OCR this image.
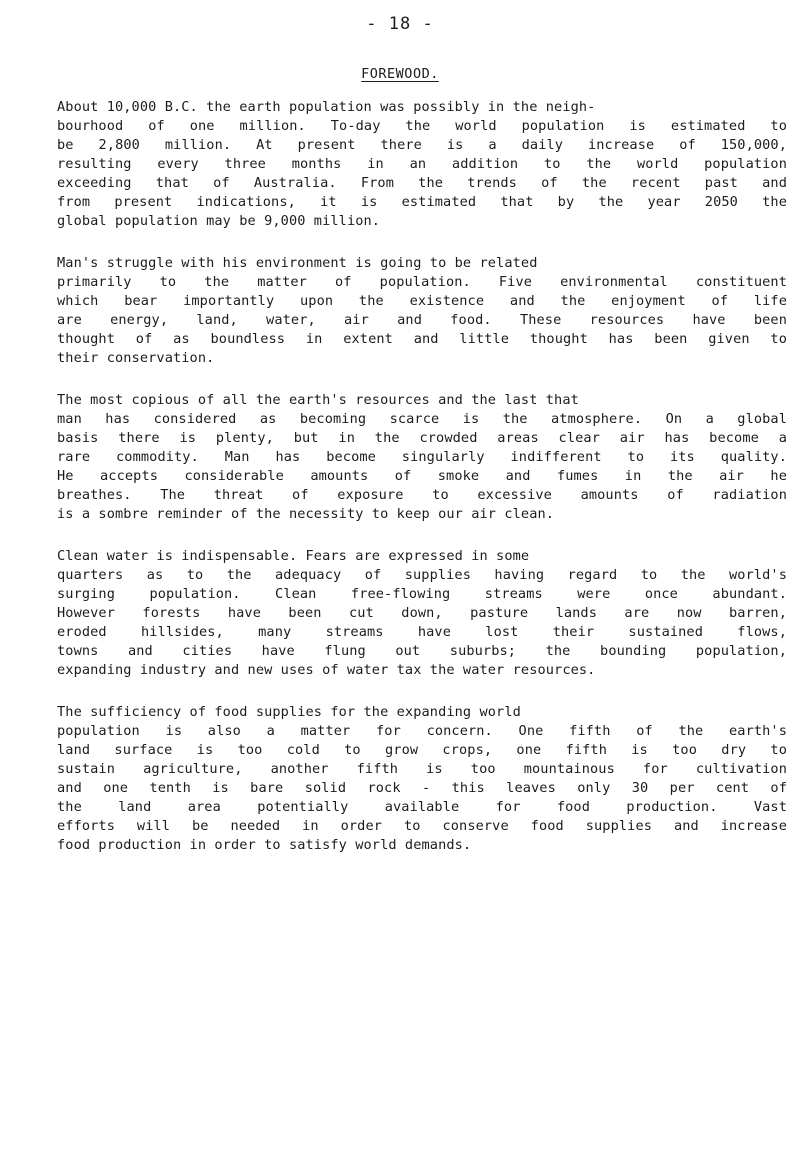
- 18 -
FOREWOOD.
About 10,000 B.C. the earth population was possibly in the neigh-
bourhood of one million. To-day the world population is estimated to
be 2,800 million. At present there is a daily increase of 150,000,
resulting every three months in an addition to the world population
exceeding that of Australia. From the trends of the recent past and
from present indications, it is estimated that by the year 2050 the
global population may be 9,000 million.
Man's struggle with his environment is going to be related
primarily to the matter of population. Five environmental constituent
which bear importantly upon the existence and the enjoyment of life
are energy, land, water, air and food. These resources have been
thought of as boundless in extent and little thought has been given to
their conservation.
The most copious of all the earth's resources and the last that
man has considered as becoming scarce is the atmosphere. On a global
basis there is plenty, but in the crowded areas clear air has become a
rare commodity. Man has become singularly indifferent to its quality.
He accepts considerable amounts of smoke and fumes in the air he
breathes. The threat of exposure to excessive amounts of radiation
is a sombre reminder of the necessity to keep our air clean.
Clean water is indispensable. Fears are expressed in some
quarters as to the adequacy of supplies having regard to the world's
surging population. Clean free-flowing streams were once abundant.
However forests have been cut down, pasture lands are now barren,
eroded hillsides, many streams have lost their sustained flows,
towns and cities have flung out suburbs; the bounding population,
expanding industry and new uses of water tax the water resources.
The sufficiency of food supplies for the expanding world
population is also a matter for concern. One fifth of the earth's
land surface is too cold to grow crops, one fifth is too dry to
sustain agriculture, another fifth is too mountainous for cultivation
and one tenth is bare solid rock - this leaves only 30 per cent of
the land area potentially available for food production. Vast
efforts will be needed in order to conserve food supplies and increase
food production in order to satisfy world demands.
